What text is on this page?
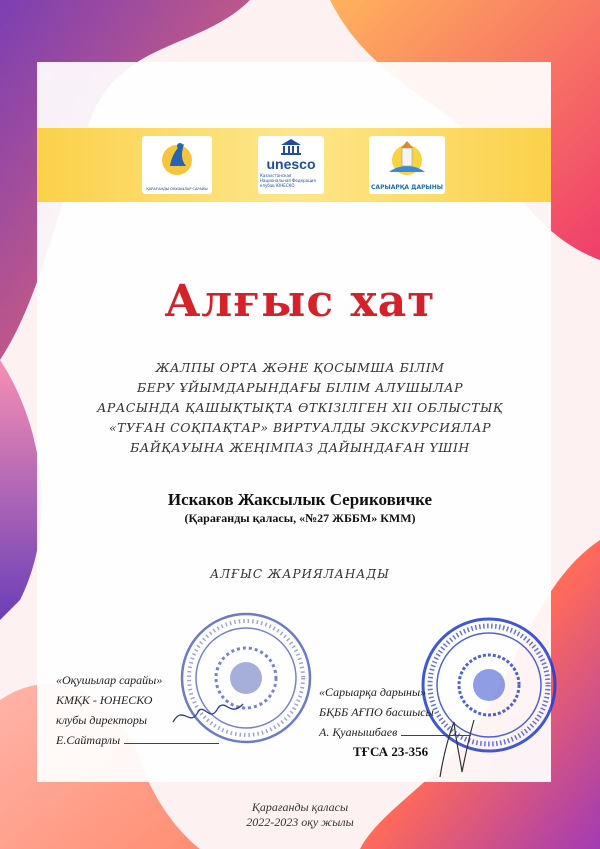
ҚАРАҒАНДЫ ОҚУШЫЛАР САРАЙЫ
unesco
Казахстанская Национальная Федерация клубов ЮНЕСКО	САРЫАРҚА ДАРЫНЫ
Алғыс хат
ЖАЛПЫ ОРТА ЖӘНЕ ҚОСЫМША БІЛІМ
БЕРУ ҰЙЫМДАРЫНДАҒЫ БІЛІМ АЛУШЫЛАР
АРАСЫНДА ҚАШЫҚТЫҚТА ӨТКІЗІЛГЕН XII ОБЛЫСТЫҚ
«ТУҒАН СОҚПАҚТАР» ВИРТУАЛДЫ ЭКСКУРСИЯЛАР
БАЙҚАУЫНА ЖЕҢІМПАЗ ДАЙЫНДАҒАН ҮШІН
Искаков Жаксылык Сериковичке
(Қарағанды қаласы, «№27 ЖББМ» КММ)
АЛҒЫС ЖАРИЯЛАНАДЫ
«Оқушылар сарайы»
КМҚК - ЮНЕСКО
клубы директоры
Е.Сайтарлы
«Сарыарқа дарыны»
БҚББ АҒПО басшысы
А. Қуанышбаев
ТҒСА 23-356
Қарағанды қаласы
2022-2023 оқу жылы
